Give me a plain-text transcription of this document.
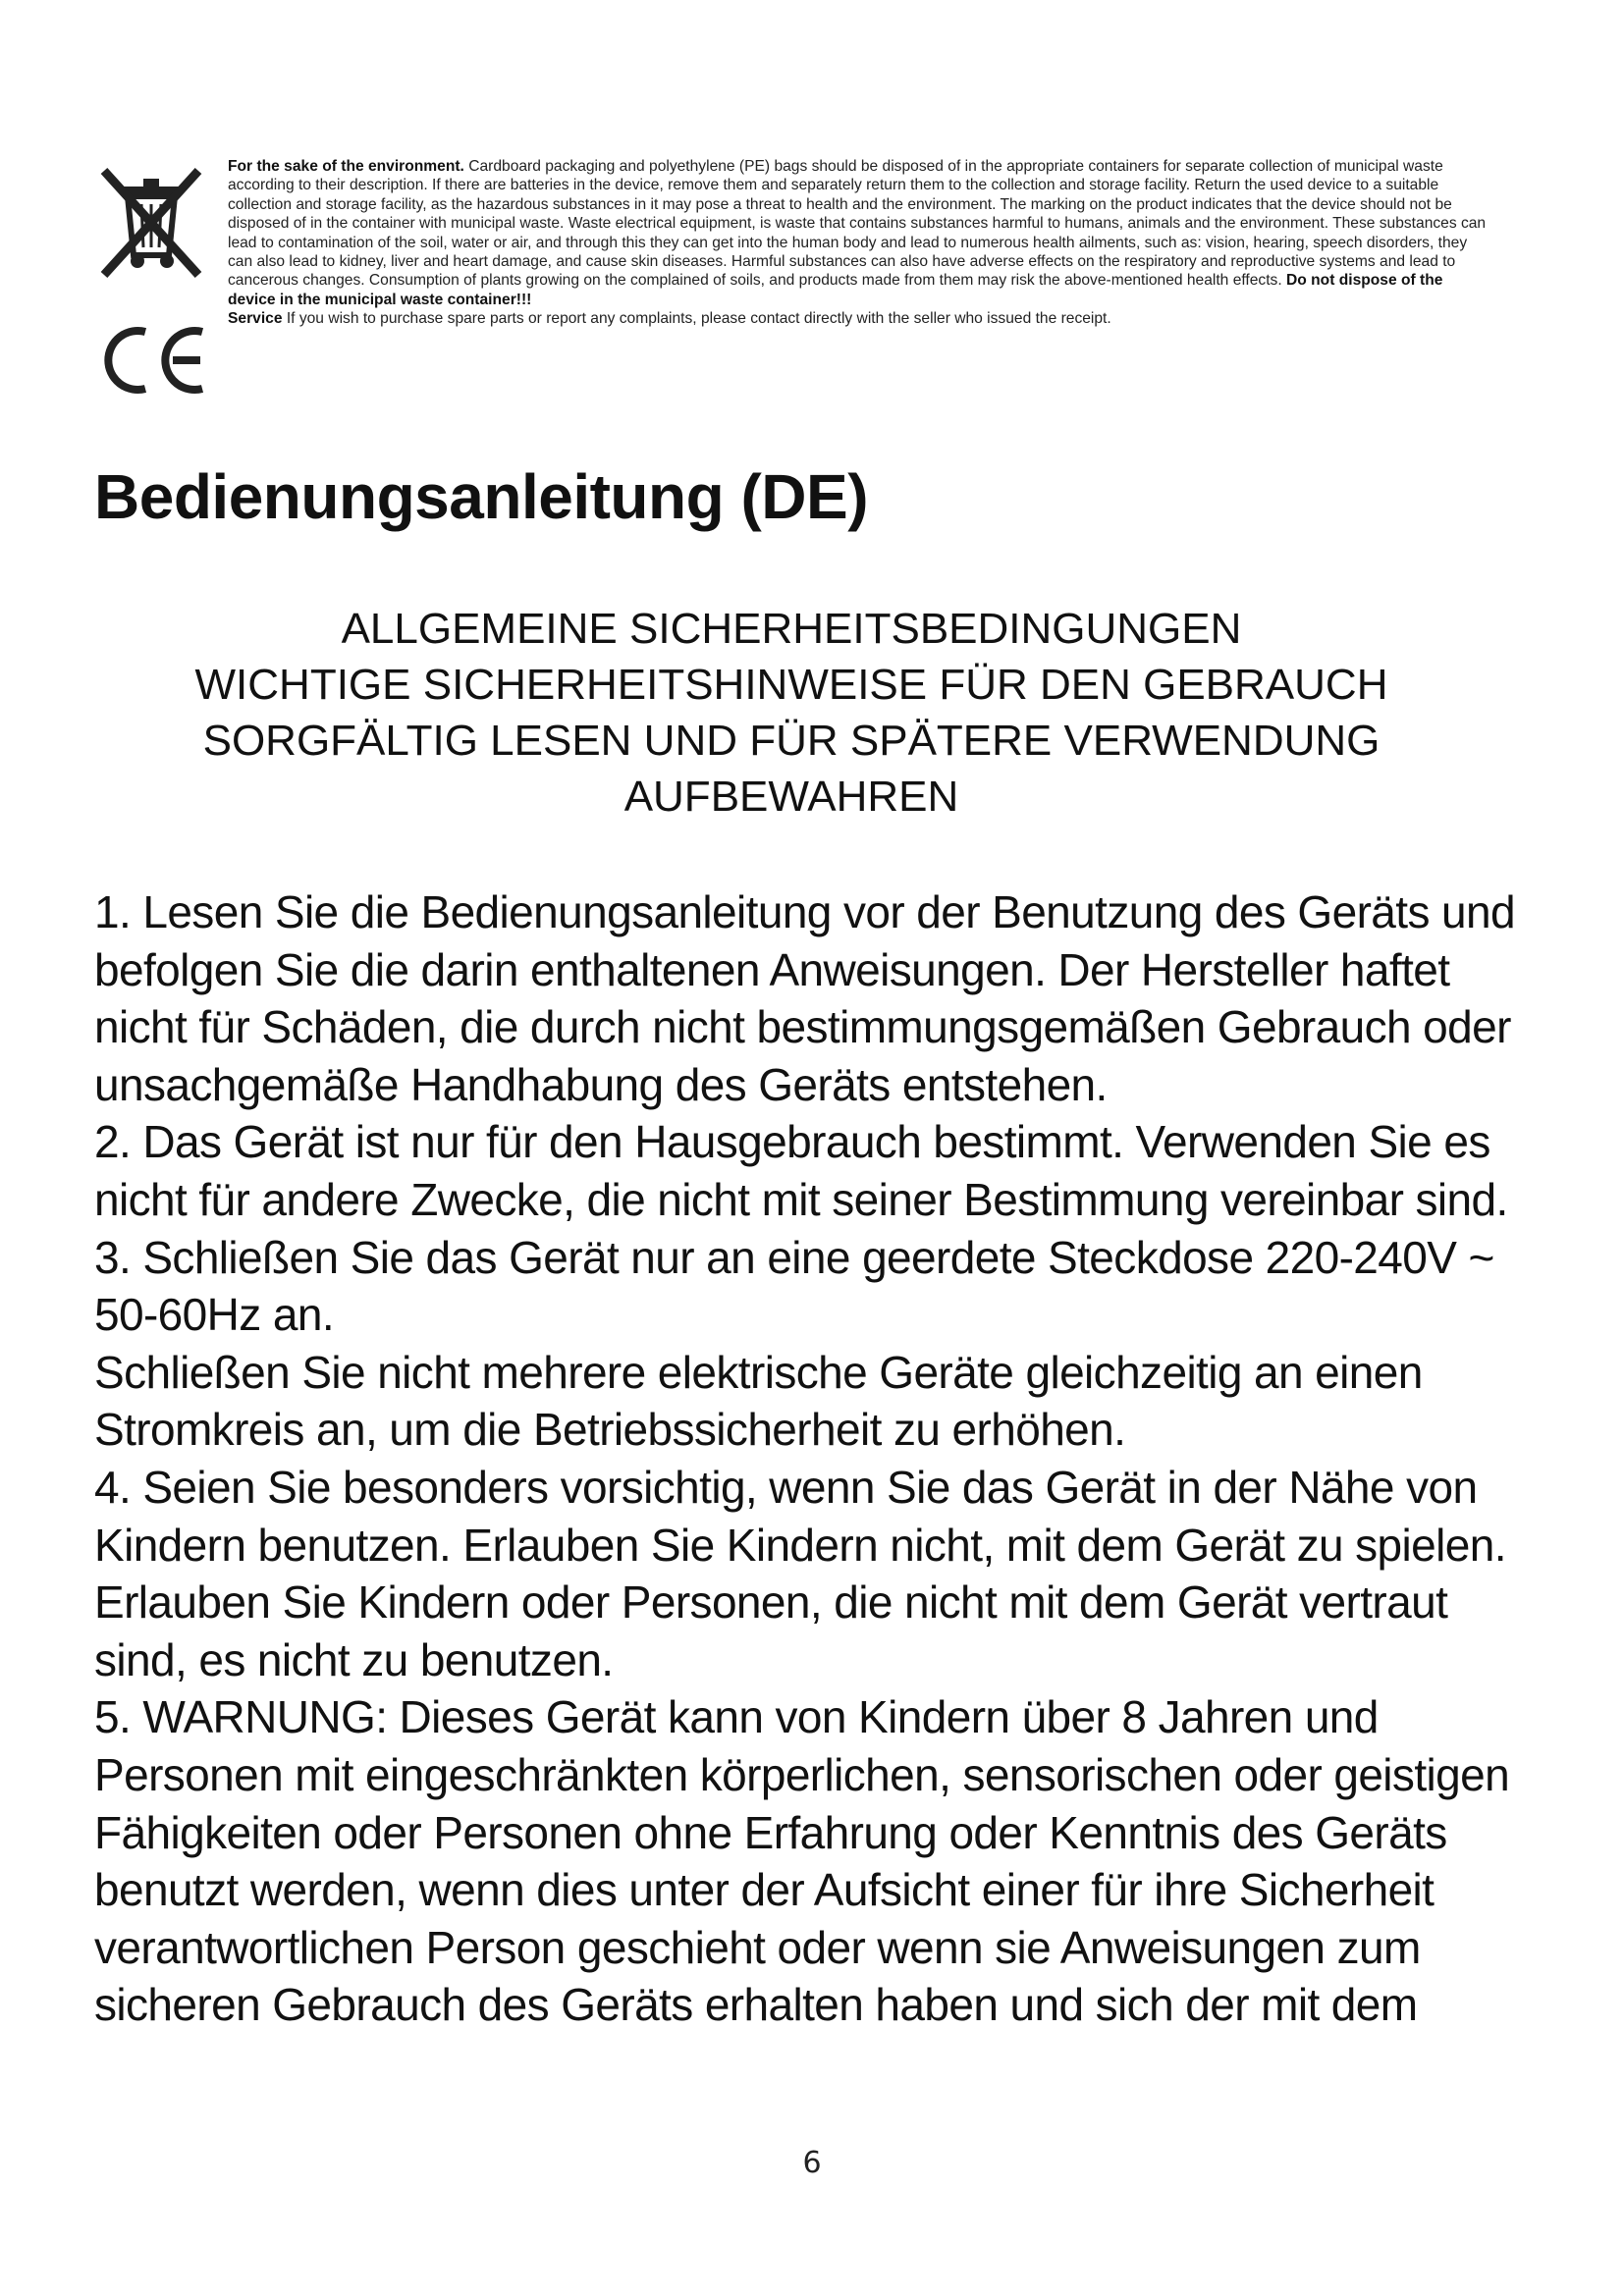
For the sake of the environment. Cardboard packaging and polyethylene (PE) bags should be disposed of in the appropriate containers for separate collection of municipal waste according to their description. If there are batteries in the device, remove them and separately return them to the collection and storage facility. Return the used device to a suitable collection and storage facility, as the hazardous substances in it may pose a threat to health and the environment. The marking on the product indicates that the device should not be disposed of in the container with municipal waste. Waste electrical equipment, is waste that contains substances harmful to humans, animals and the environment. These substances can lead to contamination of the soil, water or air, and through this they can get into the human body and lead to numerous health ailments, such as: vision, hearing, speech disorders, they can also lead to kidney, liver and heart damage, and cause skin diseases. Harmful substances can also have adverse effects on the respiratory and reproductive systems and lead to cancerous changes. Consumption of plants growing on the complained of soils, and products made from them may risk the above-mentioned health effects. Do not dispose of the device in the municipal waste container!!!

Service If you wish to purchase spare parts or report any complaints, please contact directly with the seller who issued the receipt.

Bedienungsanleitung (DE)
ALLGEMEINE SICHERHEITSBEDINGUNGEN
WICHTIGE SICHERHEITSHINWEISE FÜR DEN GEBRAUCH
SORGFÄLTIG LESEN UND FÜR SPÄTERE VERWENDUNG
AUFBEWAHREN

1. Lesen Sie die Bedienungsanleitung vor der Benutzung des Geräts und befolgen Sie die darin enthaltenen Anweisungen. Der Hersteller haftet nicht für Schäden, die durch nicht bestimmungsgemäßen Gebrauch oder unsachgemäße Handhabung des Geräts entstehen.

2. Das Gerät ist nur für den Hausgebrauch bestimmt. Verwenden Sie es nicht für andere Zwecke, die nicht mit seiner Bestimmung vereinbar sind.

3. Schließen Sie das Gerät nur an eine geerdete Steckdose 220-240V ~ 50-60Hz an.

Schließen Sie nicht mehrere elektrische Geräte gleichzeitig an einen Stromkreis an, um die Betriebssicherheit zu erhöhen.

4. Seien Sie besonders vorsichtig, wenn Sie das Gerät in der Nähe von Kindern benutzen. Erlauben Sie Kindern nicht, mit dem Gerät zu spielen. Erlauben Sie Kindern oder Personen, die nicht mit dem Gerät vertraut sind, es nicht zu benutzen.

5. WARNUNG: Dieses Gerät kann von Kindern über 8 Jahren und Personen mit eingeschränkten körperlichen, sensorischen oder geistigen Fähigkeiten oder Personen ohne Erfahrung oder Kenntnis des Geräts benutzt werden, wenn dies unter der Aufsicht einer für ihre Sicherheit verantwortlichen Person geschieht oder wenn sie Anweisungen zum sicheren Gebrauch des Geräts erhalten haben und sich der mit dem

6
